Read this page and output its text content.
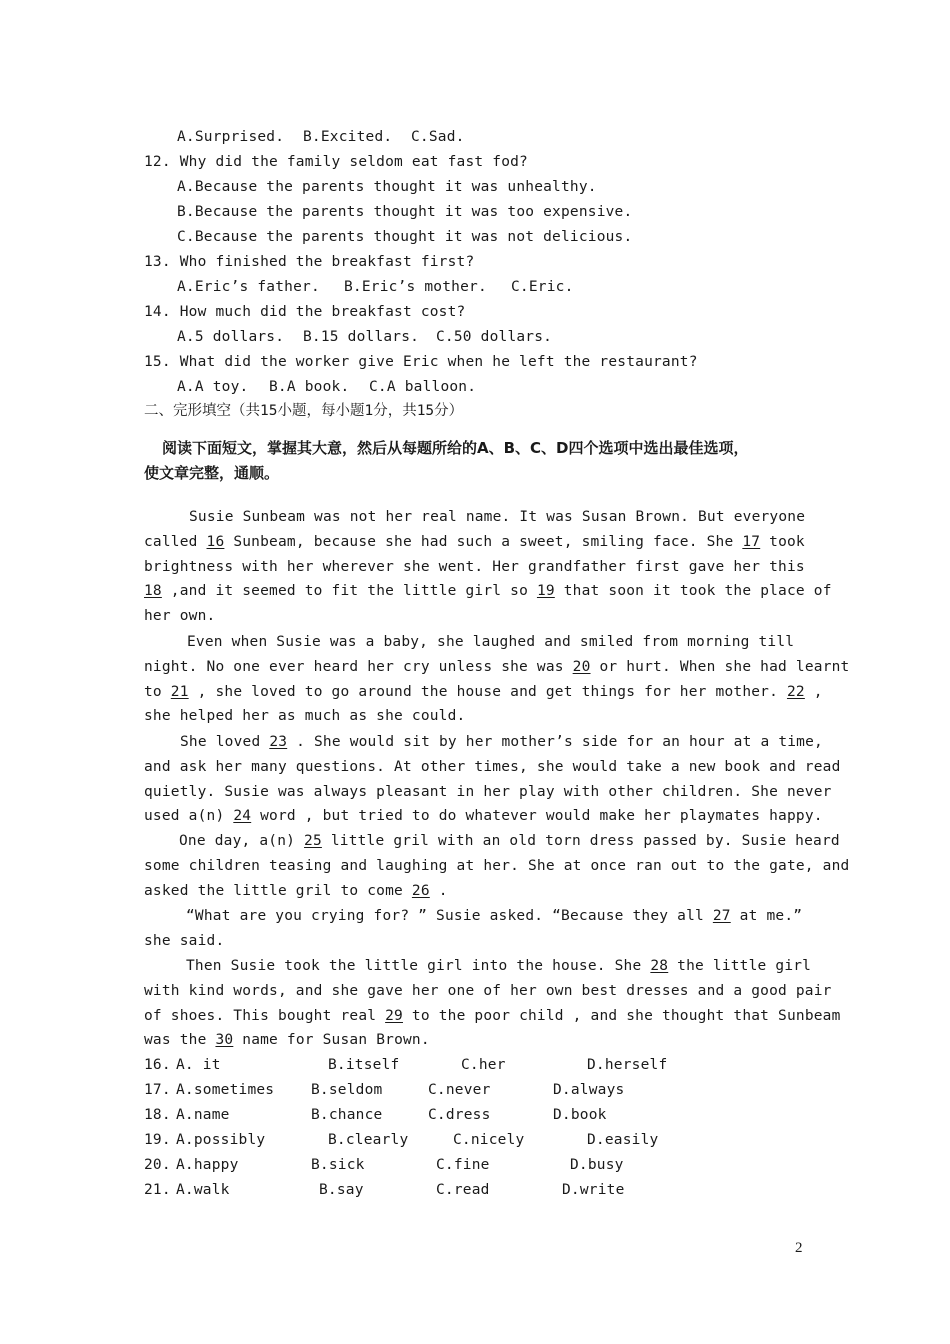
A.Surprised. B.Excited. C.Sad.
12. Why did the family seldom eat fast fod?
A.Because the parents thought it was unhealthy.
B.Because the parents thought it was too expensive.
C.Because the parents thought it was not delicious.
13. Who finished the breakfast first?
A.Eric’s father. B.Eric’s mother. C.Eric.
14. How much did the breakfast cost?
A.5 dollars. B.15 dollars. C.50 dollars.
15. What did the worker give Eric when he left the restaurant?
A.A toy. B.A book. C.A balloon.
二、完形填空（共15小题，每小题1分，共15分）
阅读下面短文，掌握其大意，然后从每题所给的A、B、C、D四个选项中选出最佳选项，
使文章完整，通顺。
Susie Sunbeam was not her real name. It was Susan Brown. But everyone
called 16 Sunbeam, because she had such a sweet, smiling face. She 17 took
brightness with her wherever she went. Her grandfather first gave her this
18 ,and it seemed to fit the little girl so 19 that soon it took the place of
her own.
Even when Susie was a baby, she laughed and smiled from morning till
night. No one ever heard her cry unless she was 20 or hurt. When she had learnt
to 21 , she loved to go around the house and get things for her mother. 22 ,
she helped her as much as she could.
She loved 23 . She would sit by her mother’s side for an hour at a time,
and ask her many questions. At other times, she would take a new book and read
quietly. Susie was always pleasant in her play with other children. She never
used a(n) 24 word , but tried to do whatever would make her playmates happy.
One day, a(n) 25 little gril with an old torn dress passed by. Susie heard
some children teasing and laughing at her. She at once ran out to the gate, and
asked the little gril to come 26 .
“What are you crying for? ” Susie asked. “Because they all 27 at me.”
she said.
Then Susie took the little girl into the house. She 28 the little girl
with kind words, and she gave her one of her own best dresses and a good pair
of shoes. This bought real 29 to the poor child , and she thought that Sunbeam
was the 30 name for Susan Brown.
16. A. it	B.itself	C.her	D.herself
17. A.sometimes	B.seldom	C.never	D.always
18. A.name	B.chance	C.dress	D.book
19. A.possibly	B.clearly	C.nicely	D.easily
20. A.happy	B.sick	C.fine	D.busy
21. A.walk	B.say	C.read	D.write
2
